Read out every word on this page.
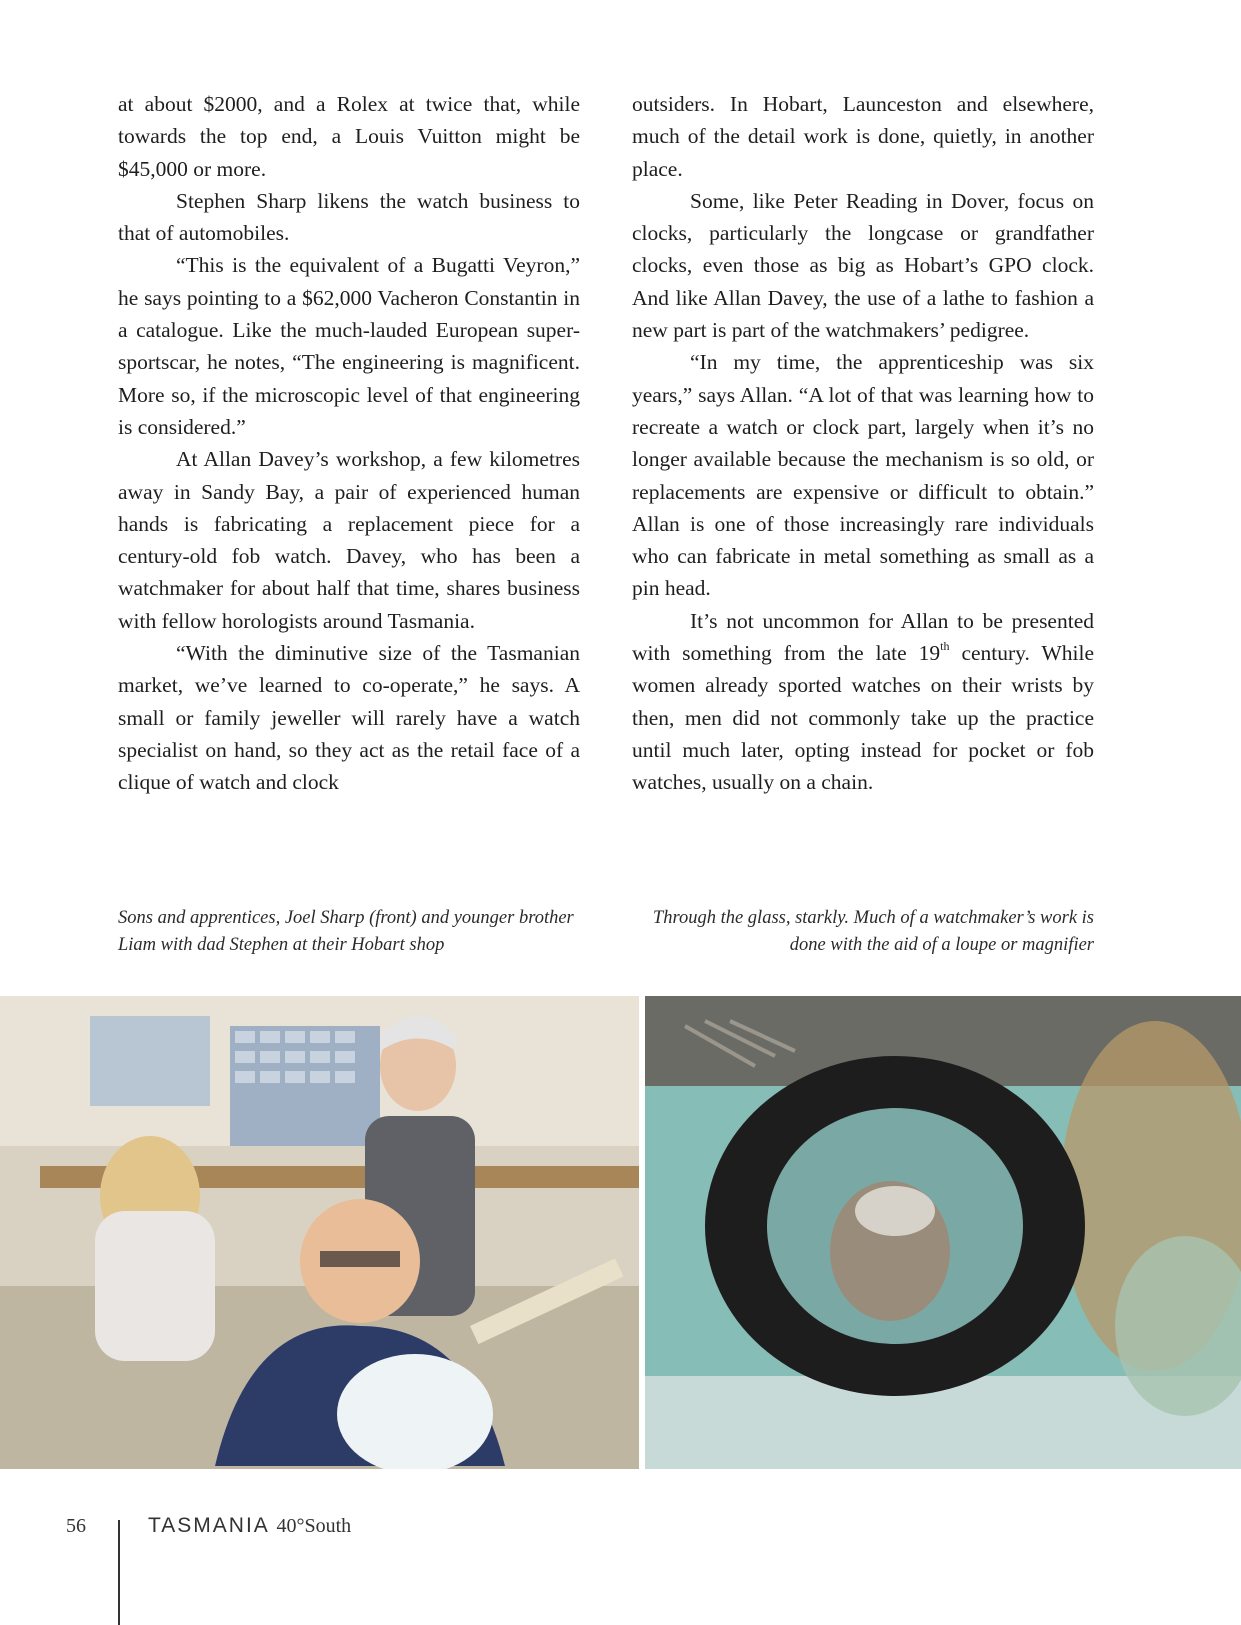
at about $2000, and a Rolex at twice that, while towards the top end, a Louis Vuitton might be $45,000 or more.

Stephen Sharp likens the watch business to that of automobiles.

“This is the equivalent of a Bugatti Veyron,” he says pointing to a $62,000 Vacheron Constantin in a catalogue. Like the much-lauded European super-sportscar, he notes, “The engineering is magnificent. More so, if the microscopic level of that engineering is considered.”

At Allan Davey’s workshop, a few kilometres away in Sandy Bay, a pair of experienced human hands is fabricating a replacement piece for a century-old fob watch. Davey, who has been a watchmaker for about half that time, shares business with fellow horologists around Tasmania.

“With the diminutive size of the Tasmanian market, we’ve learned to co-operate,” he says. A small or family jeweller will rarely have a watch specialist on hand, so they act as the retail face of a clique of watch and clock

outsiders. In Hobart, Launceston and elsewhere, much of the detail work is done, quietly, in another place.

Some, like Peter Reading in Dover, focus on clocks, particularly the longcase or grandfather clocks, even those as big as Hobart’s GPO clock. And like Allan Davey, the use of a lathe to fashion a new part is part of the watchmakers’ pedigree.

“In my time, the apprenticeship was six years,” says Allan. “A lot of that was learning how to recreate a watch or clock part, largely when it’s no longer available because the mechanism is so old, or replacements are expensive or difficult to obtain.” Allan is one of those increasingly rare individuals who can fabricate in metal something as small as a pin head.

It’s not uncommon for Allan to be presented with something from the late 19th century. While women already sported watches on their wrists by then, men did not commonly take up the practice until much later, opting instead for pocket or fob watches, usually on a chain.

Sons and apprentices, Joel Sharp (front) and younger brother Liam with dad Stephen at their Hobart shop
Through the glass, starkly. Much of a watchmaker’s work is done with the aid of a loupe or magnifier
56	TASMANIA 40°South
